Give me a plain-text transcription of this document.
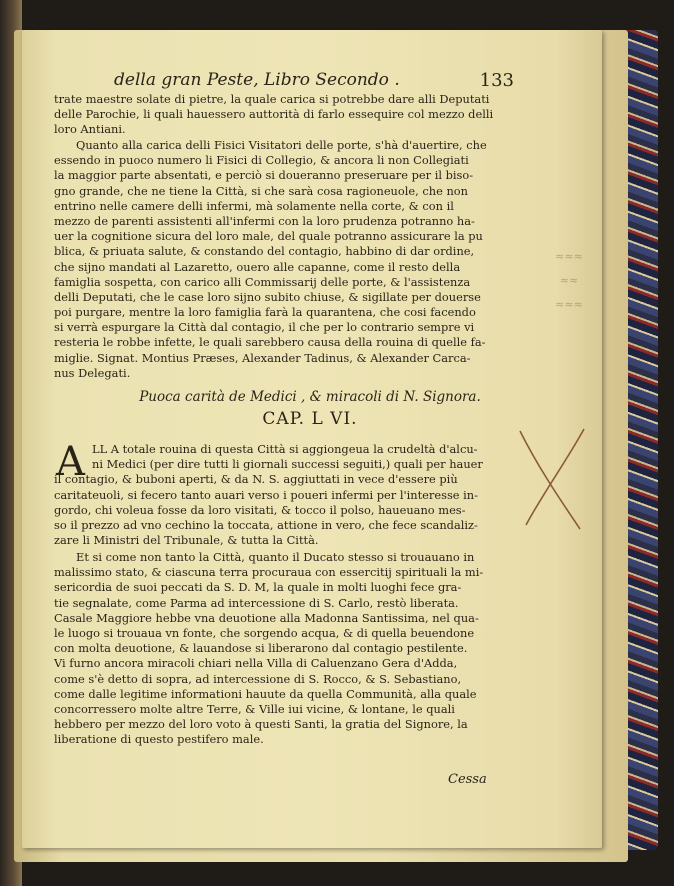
≈≈≈
≈≈
≈≈≈
della gran Peste, Libro Secondo .	133
trate maestre solate di pietre, la quale carica si potrebbe dare alli Deputati
delle Parochie, li quali hauessero auttorità di farlo essequire col mezzo delli
loro Antiani.
Quanto alla carica delli Fisici Visitatori delle porte, s'hà d'auertire, che
essendo in puoco numero li Fisici di Collegio, & ancora li non Collegiati
la maggior parte absentati, e perciò si doueranno preseruare per il biso-
gno grande, che ne tiene la Città, si che sarà cosa ragioneuole, che non
entrino nelle camere delli infermi, mà solamente nella corte, & con il
mezzo de parenti assistenti all'infermi con la loro prudenza potranno ha-
uer la cognitione sicura del loro male, del quale potranno assicurare la pu
blica, & priuata salute, & constando del contagio, habbino di dar ordine,
che sijno mandati al Lazaretto, ouero alle capanne, come il resto della
famiglia sospetta, con carico alli Commissarij delle porte, & l'assistenza
delli Deputati, che le case loro sijno subito chiuse, & sigillate per douerse
poi purgare, mentre la loro famiglia farà la quarantena, che cosi facendo
si verrà espurgare la Città dal contagio, il che per lo contrario sempre vi
resteria le robbe infette, le quali sarebbero causa della rouina di quelle fa-
miglie. Signat. Montius Præses, Alexander Tadinus, & Alexander Carca-
nus Delegati.
Puoca carità de Medici , & miracoli di N. Signora.
CAP. L VI.
A LL A totale rouina di questa Città si aggiongeua la crudeltà d'alcu-
ni Medici (per dire tutti li giornali successi seguiti,) quali per hauer
il contagio, & buboni aperti, & da N. S. aggiuttati in vece d'essere più
caritateuoli, si fecero tanto auari verso i poueri infermi per l'interesse in-
gordo, chi voleua fosse da loro visitati, & tocco il polso, haueuano mes-
so il prezzo ad vno cechino la toccata, attione in vero, che fece scandaliz-
zare li Ministri del Tribunale, & tutta la Città.
Et si come non tanto la Città, quanto il Ducato stesso si trouauano in
malissimo stato, & ciascuna terra procuraua con essercitij spirituali la mi-
sericordia de suoi peccati da S. D. M, la quale in molti luoghi fece gra-
tie segnalate, come Parma ad intercessione di S. Carlo, restò liberata.
Casale Maggiore hebbe vna deuotione alla Madonna Santissima, nel qua-
le luogo si trouaua vn fonte, che sorgendo acqua, & di quella beuendone
con molta deuotione, & lauandose si liberarono dal contagio pestilente.
Vi furno ancora miracoli chiari nella Villa di Caluenzano Gera d'Adda,
come s'è detto di sopra, ad intercessione di S. Rocco, & S. Sebastiano,
come dalle legitime informationi hauute da quella Communità, alla quale
concorressero molte altre Terre, & Ville iui vicine, & lontane, le quali
hebbero per mezzo del loro voto à questi Santi, la gratia del Signore, la
liberatione di questo pestifero male.
Cessa
